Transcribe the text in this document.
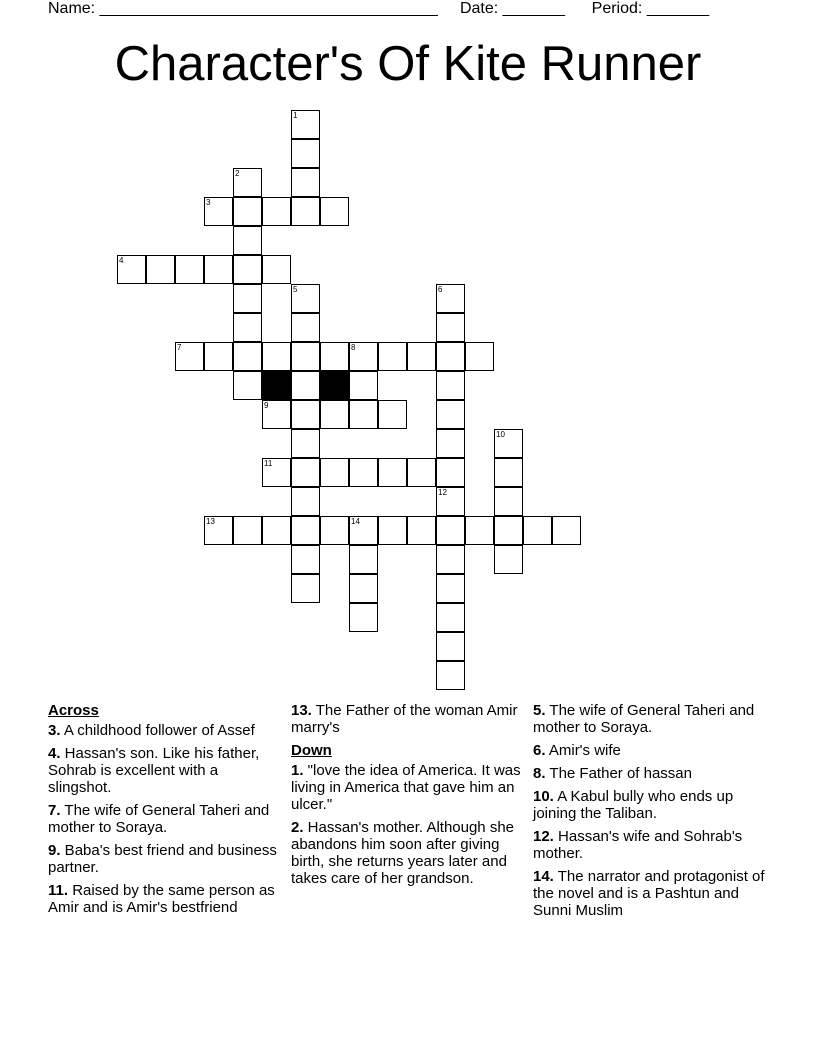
Name: ______________________________________ Date: _______ Period: _______
Character's Of Kite Runner
3
4
7	8
9
11
13	14
1
2
5	6
10
12
Across
3. A childhood follower of Assef
4. Hassan's son. Like his father, Sohrab is excellent with a slingshot.
7. The wife of General Taheri and mother to Soraya.
9. Baba's best friend and business partner.
11. Raised by the same person as Amir and is Amir's bestfriend
13. The Father of the woman Amir marry's
Down
1. "love the idea of America. It was living in America that gave him an ulcer."
2. Hassan's mother. Although she abandons him soon after giving birth, she returns years later and takes care of her grandson.
5. The wife of General Taheri and mother to Soraya.
6. Amir's wife
8. The Father of hassan
10. A Kabul bully who ends up joining the Taliban.
12. Hassan's wife and Sohrab's mother.
14. The narrator and protagonist of the novel and is a Pashtun and Sunni Muslim
